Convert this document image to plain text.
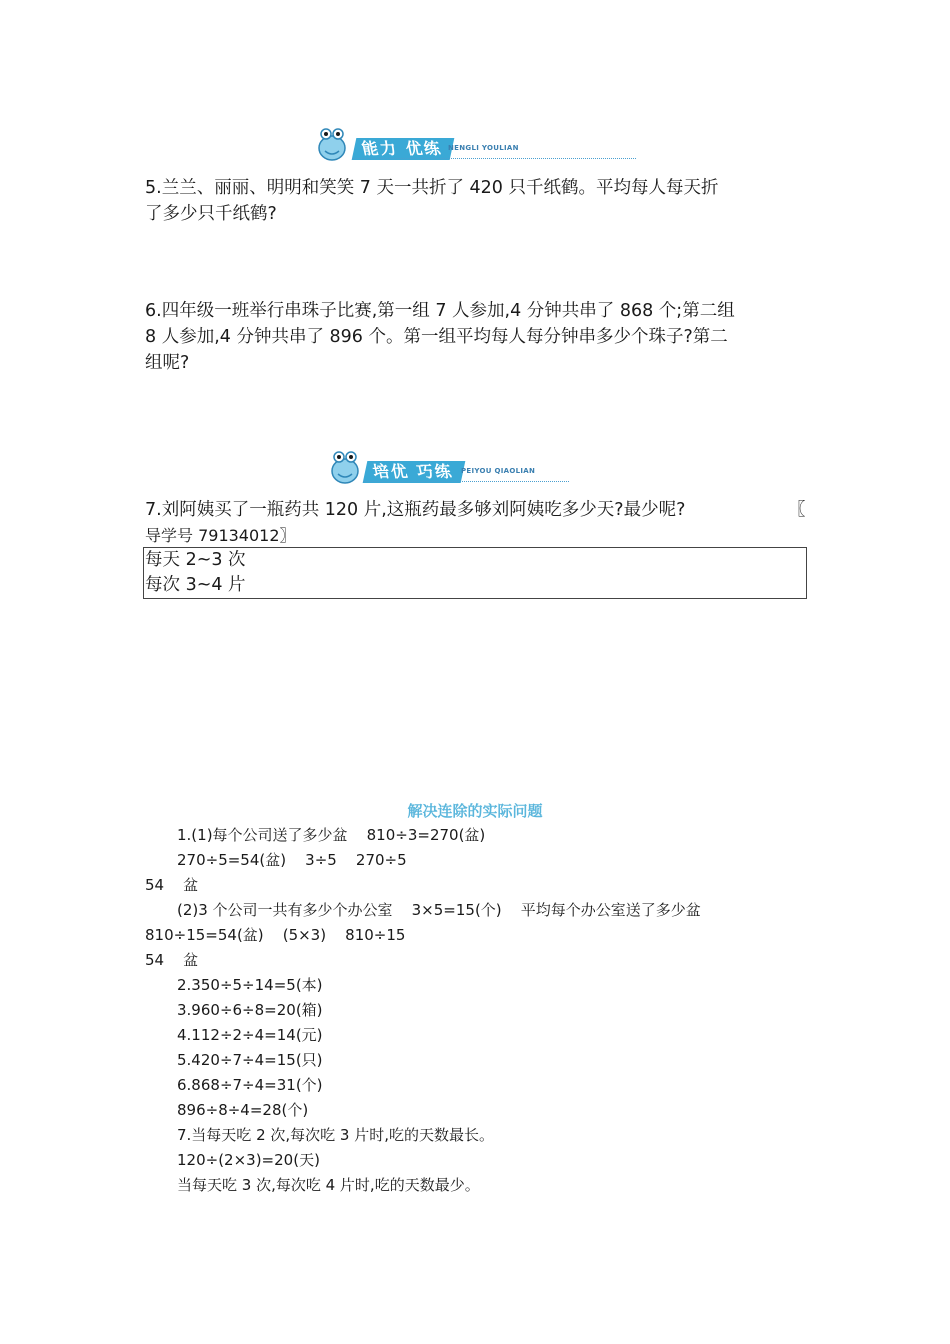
能力 优练 NENGLI YOULIAN
5.兰兰、丽丽、明明和笑笑 7 天一共折了 420 只千纸鹤。平均每人每天折
了多少只千纸鹤?
6.四年级一班举行串珠子比赛,第一组 7 人参加,4 分钟共串了 868 个;第二组
8 人参加,4 分钟共串了 896 个。第一组平均每人每分钟串多少个珠子?第二
组呢?
培优 巧练 PEIYOU QIAOLIAN
7.刘阿姨买了一瓶药共 120 片,这瓶药最多够刘阿姨吃多少天?最少呢?	〖
导学号 79134012〗
每天 2~3 次
每次 3~4 片
解决连除的实际问题
1.(1)每个公司送了多少盆    810÷3=270(盆)
270÷5=54(盆)    3÷5    270÷5
54    盆
(2)3 个公司一共有多少个办公室    3×5=15(个)    平均每个办公室送了多少盆
810÷15=54(盆)    (5×3)    810÷15
54    盆
2.350÷5÷14=5(本)
3.960÷6÷8=20(箱)
4.112÷2÷4=14(元)
5.420÷7÷4=15(只)
6.868÷7÷4=31(个)
896÷8÷4=28(个)
7.当每天吃 2 次,每次吃 3 片时,吃的天数最长。
120÷(2×3)=20(天)
当每天吃 3 次,每次吃 4 片时,吃的天数最少。
